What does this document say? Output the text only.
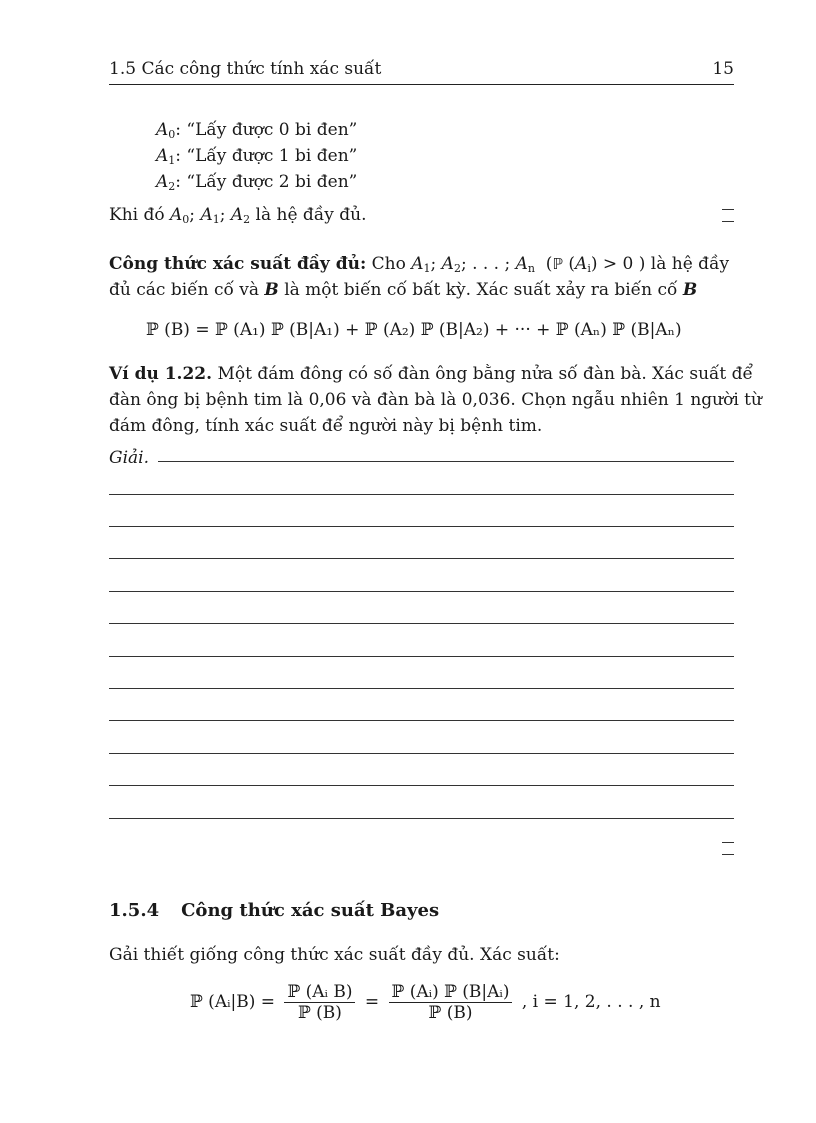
1.5 Các công thức tính xác suất	15
$A_0$: “Lấy được 0 bi đen”
$A_1$: “Lấy được 1 bi đen”
$A_2$: “Lấy được 2 bi đen”
Khi đó $A_0$; $A_1$; $A_2$ là hệ đầy đủ.
Công thức xác suất đầy đủ: Cho $A_1$; $A_2$; . . . ; $A_n$  (ℙ $(A_i) > 0$ ) là hệ đầy
đủ các biến cố và B là một biến cố bất kỳ. Xác suất xảy ra biến cố B
ℙ (B) = ℙ (A₁) ℙ (B|A₁) + ℙ (A₂) ℙ (B|A₂) + ··· + ℙ (Aₙ) ℙ (B|Aₙ)
Ví dụ 1.22. Một đám đông có số đàn ông bằng nửa số đàn bà. Xác suất để
đàn ông bị bệnh tim là 0,06 và đàn bà là 0,036. Chọn ngẫu nhiên 1 người từ
đám đông, tính xác suất để người này bị bệnh tim.
Giải.
1.5.4 Công thức xác suất Bayes
Gải thiết giống công thức xác suất đầy đủ. Xác suất:
ℙ (Aᵢ|B) = $\frac{\text{ℙ (Aᵢ B)}}{\text{ℙ (B)}} = \frac{\text{ℙ (Aᵢ) ℙ (B|Aᵢ)}}{\text{ℙ (B)}}$ , i = 1, 2, . . . , n
